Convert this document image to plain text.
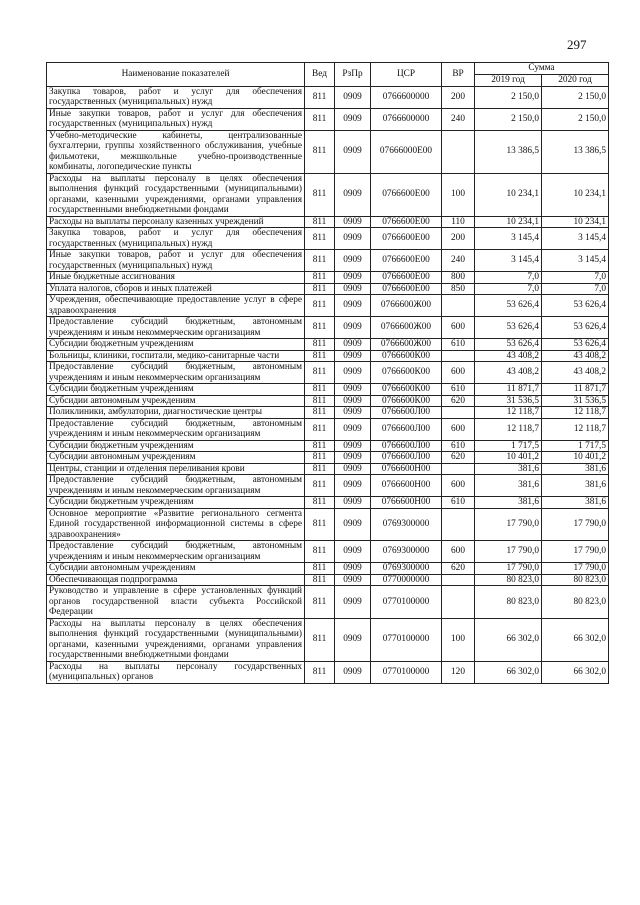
297
Наименование показателей	Вед	РзПр	ЦСР	ВР	Сумма	
					2019 год	2020 год
Закупка товаров, работ и услуг для обеспечения государственных (муниципальных) нужд	811	0909	0766600000	200	2 150,0	2 150,0
Иные закупки товаров, работ и услуг для обеспечения государственных (муниципальных) нужд	811	0909	0766600000	240	2 150,0	2 150,0
Учебно-методические кабинеты, централизованные бухгалтерии, группы хозяйственного обслуживания, учебные фильмотеки, межшкольные учебно-производственные комбинаты, логопедические пункты	811	0909	07666000Е00		13 386,5	13 386,5
Расходы на выплаты персоналу в целях обеспечения выполнения функций государственными (муниципальными) органами, казенными учреждениями, органами управления государственными внебюджетными фондами	811	0909	0766600Е00	100	10 234,1	10 234,1
Расходы на выплаты персоналу казенных учреждений	811	0909	0766600Е00	110	10 234,1	10 234,1
Закупка товаров, работ и услуг для обеспечения государственных (муниципальных) нужд	811	0909	0766600Е00	200	3 145,4	3 145,4
Иные закупки товаров, работ и услуг для обеспечения государственных (муниципальных) нужд	811	0909	0766600Е00	240	3 145,4	3 145,4
Иные бюджетные ассигнования	811	0909	0766600Е00	800	7,0	7,0
Уплата налогов, сборов и иных платежей	811	0909	0766600Е00	850	7,0	7,0
Учреждения, обеспечивающие предоставление услуг в сфере здравоохранения	811	0909	0766600Ж00		53 626,4	53 626,4
Предоставление субсидий бюджетным, автономным учреждениям и иным некоммерческим организациям	811	0909	0766600Ж00	600	53 626,4	53 626,4
Субсидии бюджетным учреждениям	811	0909	0766600Ж00	610	53 626,4	53 626,4
Больницы, клиники, госпитали, медико-санитарные части	811	0909	0766600К00		43 408,2	43 408,2
Предоставление субсидий бюджетным, автономным учреждениям и иным некоммерческим организациям	811	0909	0766600К00	600	43 408,2	43 408,2
Субсидии бюджетным учреждениям	811	0909	0766600К00	610	11 871,7	11 871,7
Субсидии автономным учреждениям	811	0909	0766600К00	620	31 536,5	31 536,5
Поликлиники, амбулатории, диагностические центры	811	0909	0766600Л00		12 118,7	12 118,7
Предоставление субсидий бюджетным, автономным учреждениям и иным некоммерческим организациям	811	0909	0766600Л00	600	12 118,7	12 118,7
Субсидии бюджетным учреждениям	811	0909	0766600Л00	610	1 717,5	1 717,5
Субсидии автономным учреждениям	811	0909	0766600Л00	620	10 401,2	10 401,2
Центры, станции и отделения переливания крови	811	0909	0766600Н00		381,6	381,6
Предоставление субсидий бюджетным, автономным учреждениям и иным некоммерческим организациям	811	0909	0766600Н00	600	381,6	381,6
Субсидии бюджетным учреждениям	811	0909	0766600Н00	610	381,6	381,6
Основное мероприятие «Развитие регионального сегмента Единой государственной информационной системы в сфере здравоохранения»	811	0909	0769300000		17 790,0	17 790,0
Предоставление субсидий бюджетным, автономным учреждениям и иным некоммерческим организациям	811	0909	0769300000	600	17 790,0	17 790,0
Субсидии автономным учреждениям	811	0909	0769300000	620	17 790,0	17 790,0
Обеспечивающая подпрограмма	811	0909	0770000000		80 823,0	80 823,0
Руководство и управление в сфере установленных функций органов государственной власти субъекта Российской Федерации	811	0909	0770100000		80 823,0	80 823,0
Расходы на выплаты персоналу в целях обеспечения выполнения функций государственными (муниципальными) органами, казенными учреждениями, органами управления государственными внебюджетными фондами	811	0909	0770100000	100	66 302,0	66 302,0
Расходы на выплаты персоналу государственных (муниципальных) органов	811	0909	0770100000	120	66 302,0	66 302,0
